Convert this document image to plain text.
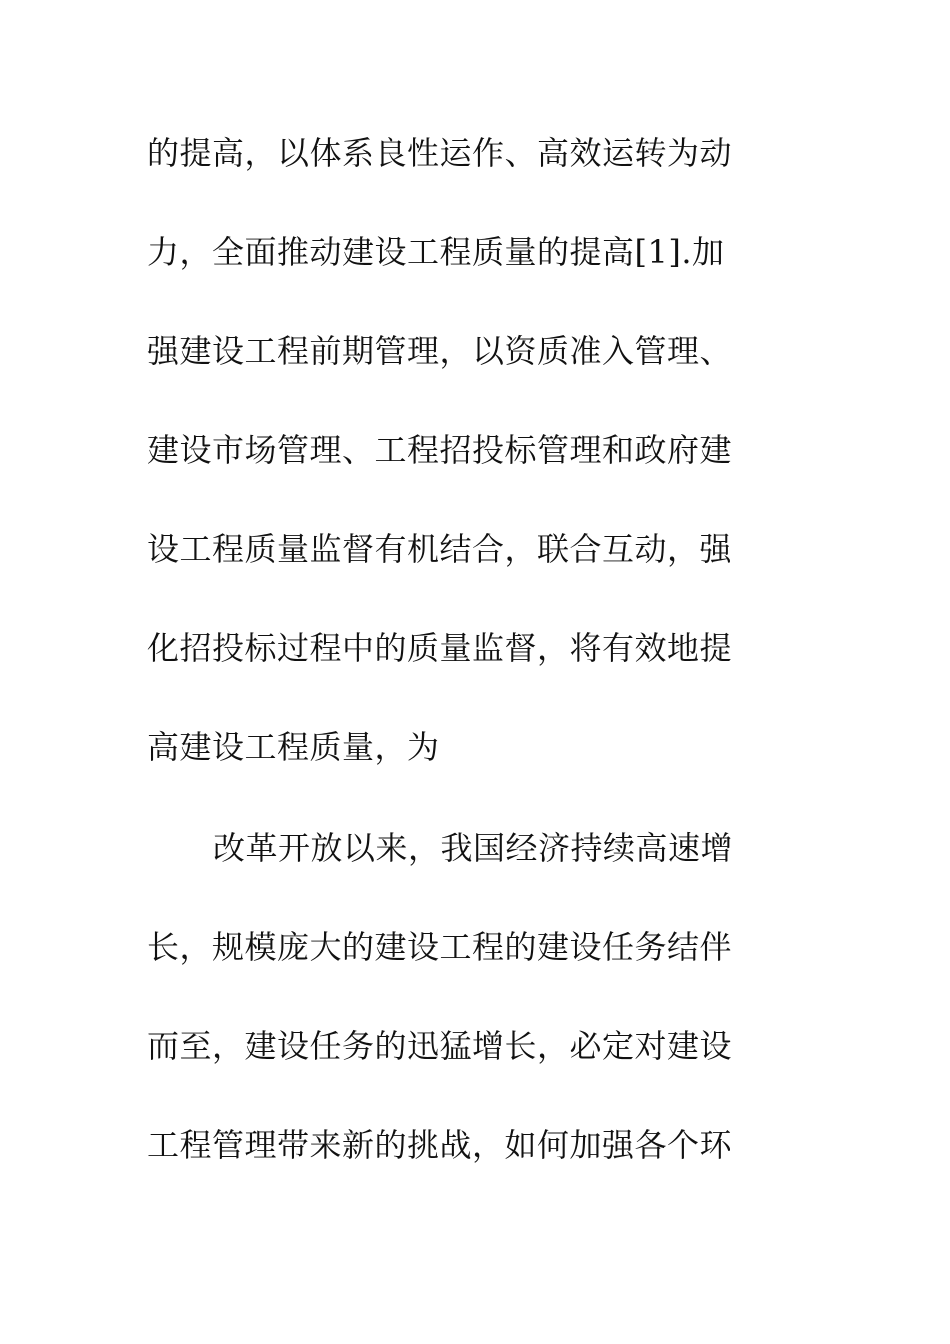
的提高，以体系良性运作、高效运转为动
力，全面推动建设工程质量的提高[1].加
强建设工程前期管理，以资质准入管理、
建设市场管理、工程招投标管理和政府建
设工程质量监督有机结合，联合互动，强
化招投标过程中的质量监督，将有效地提
高建设工程质量，为
改革开放以来，我国经济持续高速增
长，规模庞大的建设工程的建设任务结伴
而至，建设任务的迅猛增长，必定对建设
工程管理带来新的挑战，如何加强各个环
